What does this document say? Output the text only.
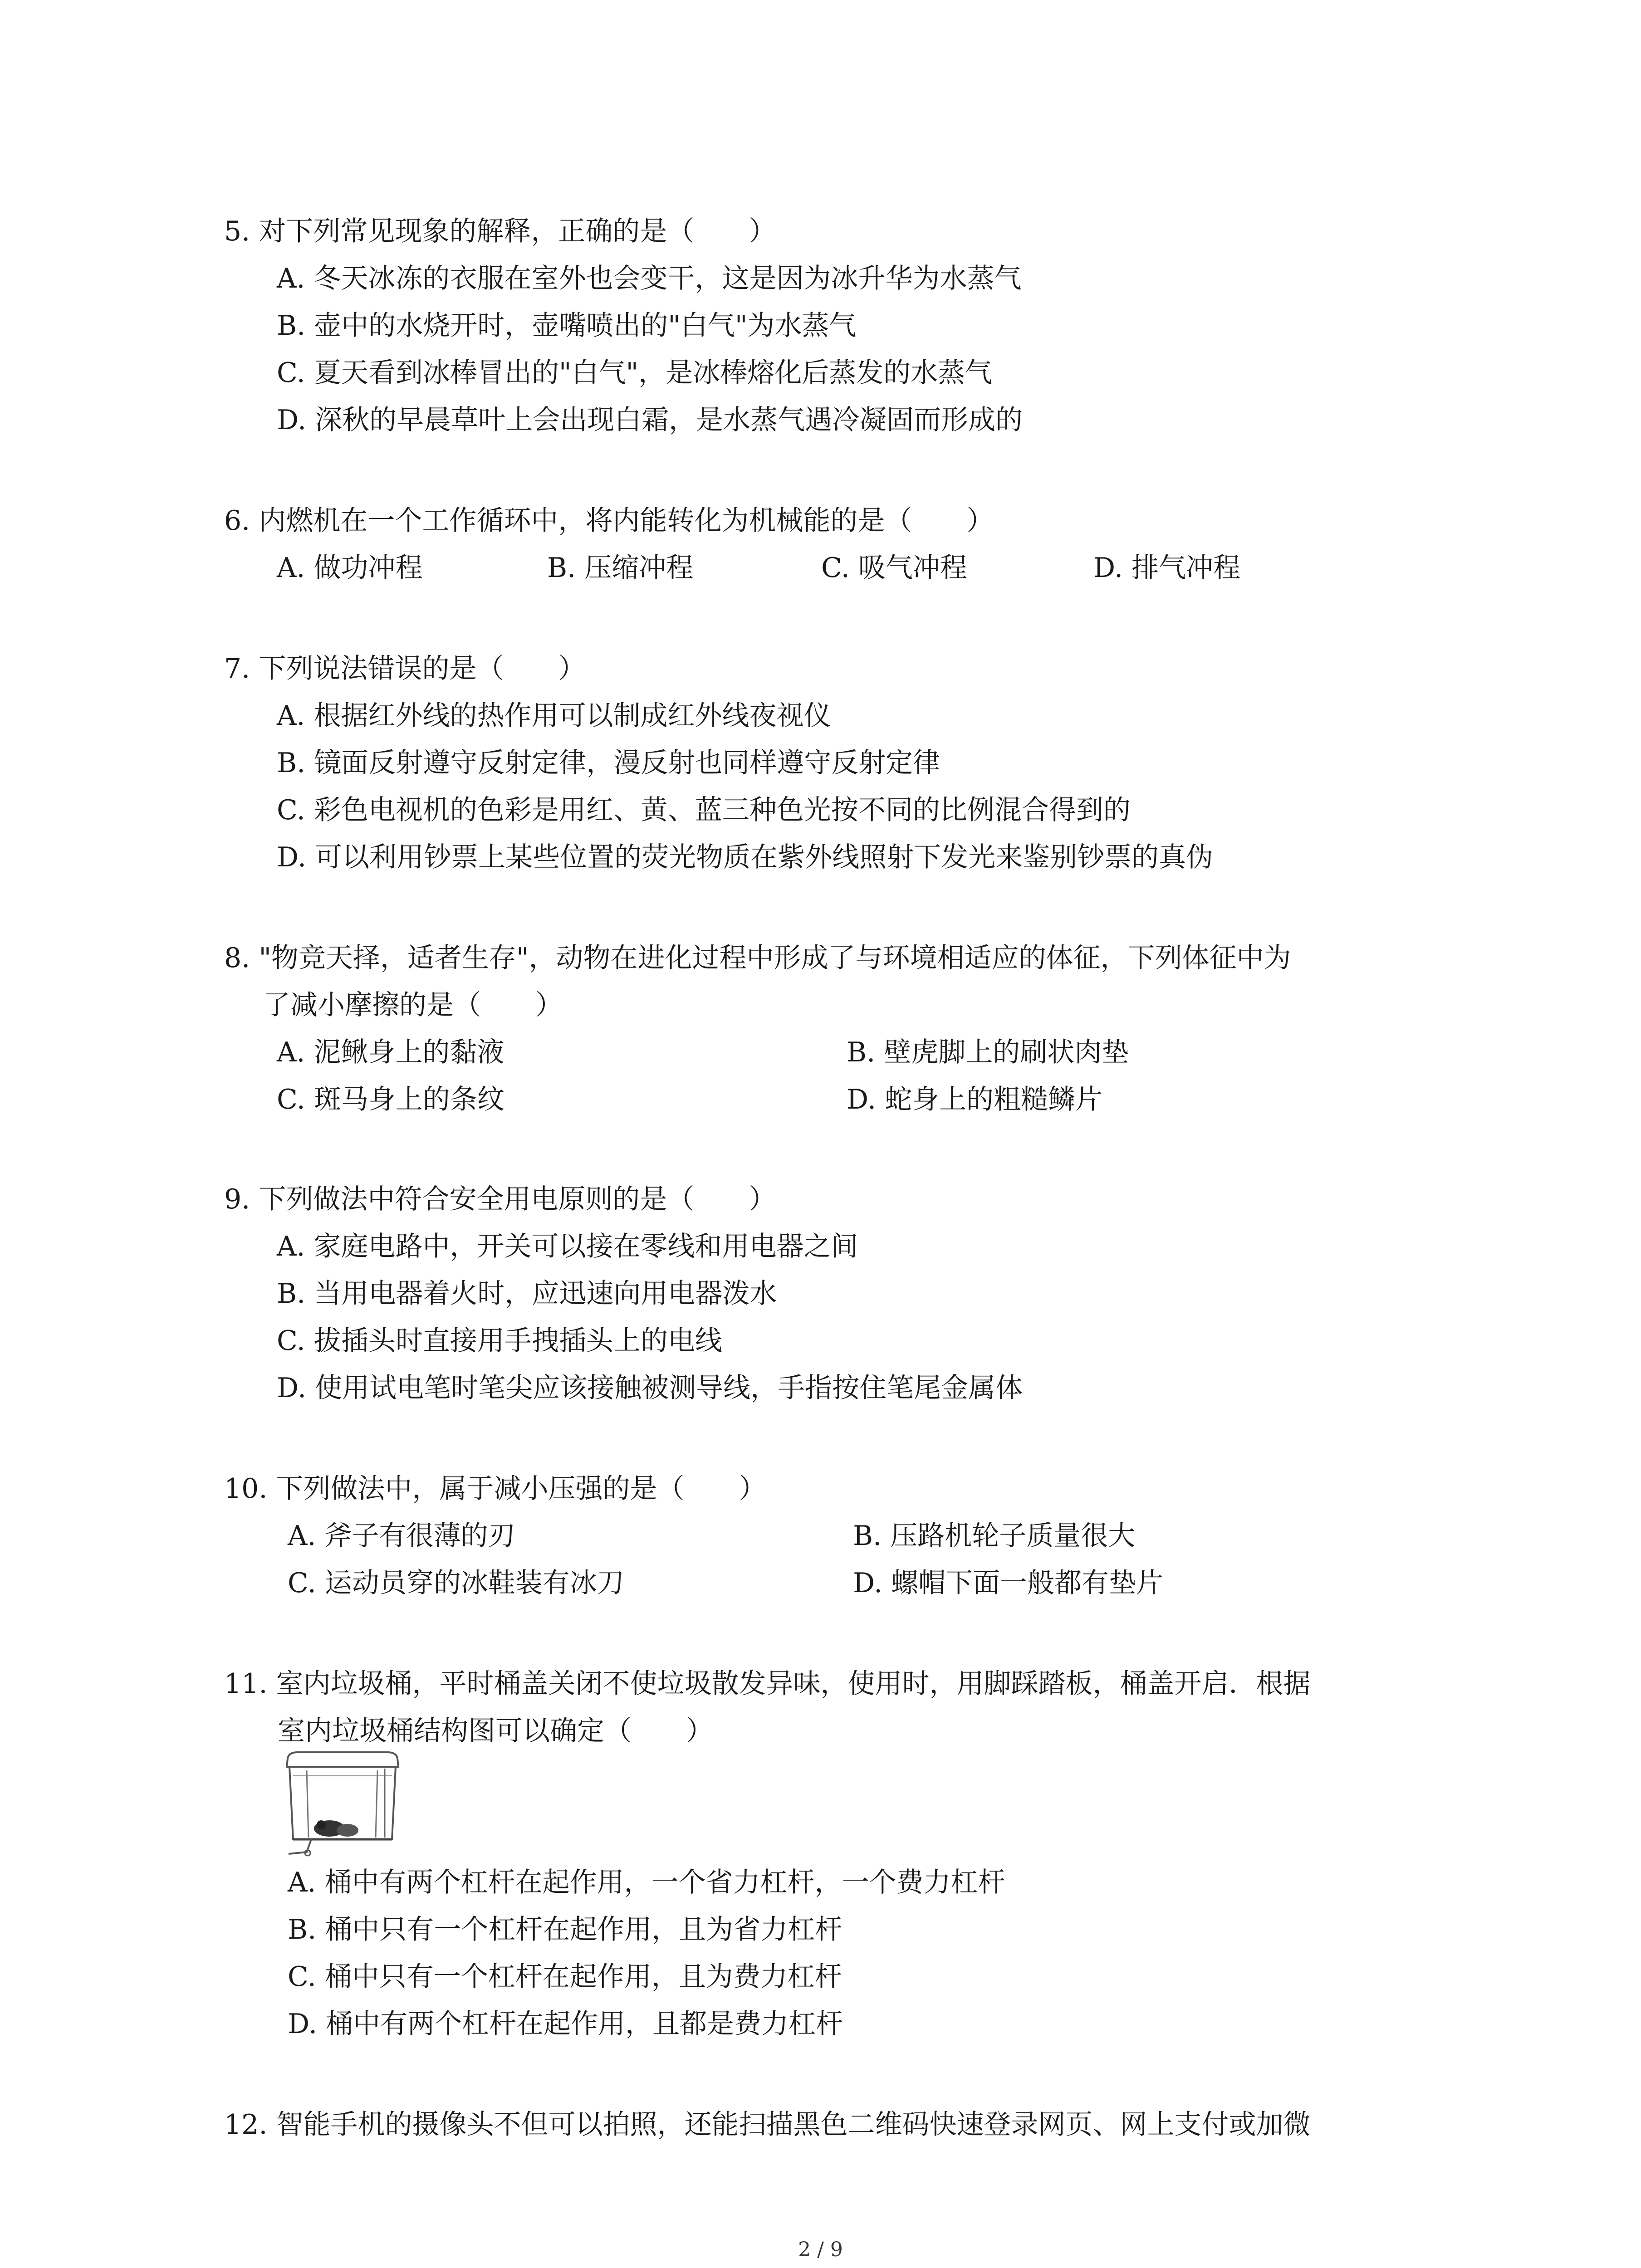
5. 对下列常见现象的解释，正确的是（　　）
A. 冬天冰冻的衣服在室外也会变干，这是因为冰升华为水蒸气
B. 壶中的水烧开时，壶嘴喷出的"白气"为水蒸气
C. 夏天看到冰棒冒出的"白气"，是冰棒熔化后蒸发的水蒸气
D. 深秋的早晨草叶上会出现白霜，是水蒸气遇冷凝固而形成的
6. 内燃机在一个工作循环中，将内能转化为机械能的是（　　）
A. 做功冲程	B. 压缩冲程	C. 吸气冲程	D. 排气冲程
7. 下列说法错误的是（　　）
A. 根据红外线的热作用可以制成红外线夜视仪
B. 镜面反射遵守反射定律，漫反射也同样遵守反射定律
C. 彩色电视机的色彩是用红、黄、蓝三种色光按不同的比例混合得到的
D. 可以利用钞票上某些位置的荧光物质在紫外线照射下发光来鉴别钞票的真伪
8. "物竞天择，适者生存"，动物在进化过程中形成了与环境相适应的体征，下列体征中为
了减小摩擦的是（　　）
A. 泥鳅身上的黏液	B. 壁虎脚上的刷状肉垫
C. 斑马身上的条纹	D. 蛇身上的粗糙鳞片
9. 下列做法中符合安全用电原则的是（　　）
A. 家庭电路中，开关可以接在零线和用电器之间
B. 当用电器着火时，应迅速向用电器泼水
C. 拔插头时直接用手拽插头上的电线
D. 使用试电笔时笔尖应该接触被测导线，手指按住笔尾金属体
10. 下列做法中，属于减小压强的是（　　）
A. 斧子有很薄的刃	B. 压路机轮子质量很大
C. 运动员穿的冰鞋装有冰刀	D. 螺帽下面一般都有垫片
11. 室内垃圾桶，平时桶盖关闭不使垃圾散发异味，使用时，用脚踩踏板，桶盖开启．根据
室内垃圾桶结构图可以确定（　　）
A. 桶中有两个杠杆在起作用，一个省力杠杆，一个费力杠杆
B. 桶中只有一个杠杆在起作用，且为省力杠杆
C. 桶中只有一个杠杆在起作用，且为费力杠杆
D. 桶中有两个杠杆在起作用，且都是费力杠杆
12. 智能手机的摄像头不但可以拍照，还能扫描黑色二维码快速登录网页、网上支付或加微
2 / 9
